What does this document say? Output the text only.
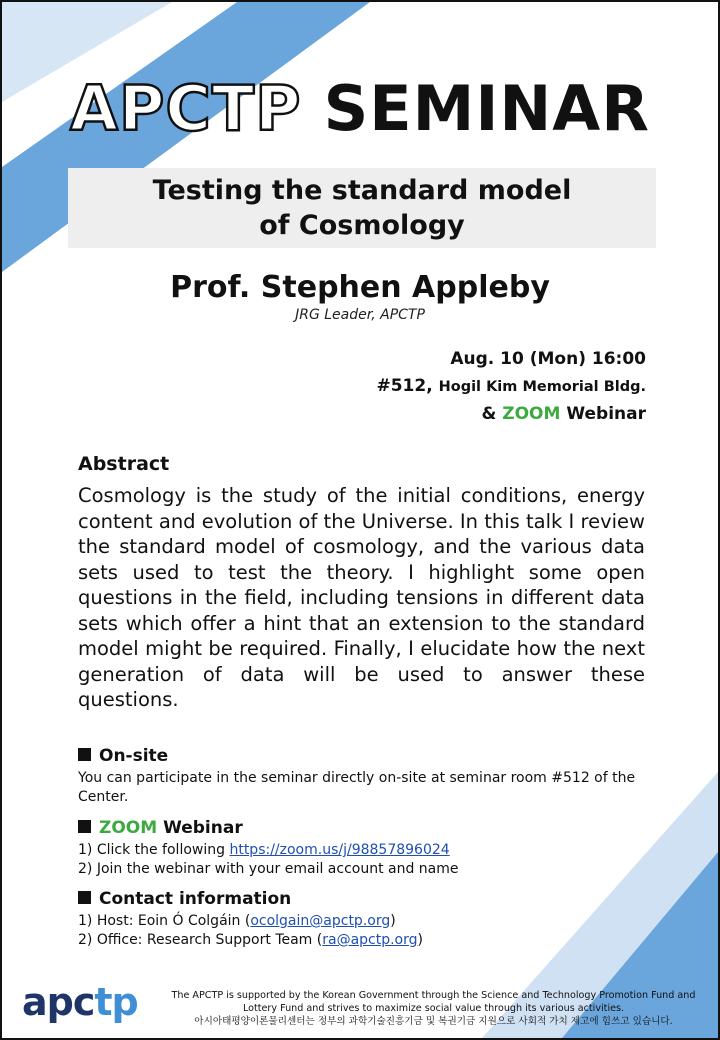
APCTP SEMINAR
Testing the standard model
of Cosmology
Prof. Stephen Appleby
JRG Leader, APCTP
Aug. 10 (Mon) 16:00
#512, Hogil Kim Memorial Bldg.
& ZOOM Webinar
Abstract
Cosmology is the study of the initial conditions, energy content and evolution of the Universe. In this talk I review the standard model of cosmology, and the various data sets used to test the theory. I highlight some open questions in the field, including tensions in different data sets which offer a hint that an extension to the standard model might be required. Finally, I elucidate how the next generation of data will be used to answer these questions.
On-site
You can participate in the seminar directly on-site at seminar room #512 of the Center.
ZOOM Webinar
1) Click the following https://zoom.us/j/98857896024
2) Join the webinar with your email account and name
Contact information
1) Host: Eoin Ó Colgáin (ocolgain@apctp.org)
2) Office: Research Support Team (ra@apctp.org)
apctp	The APCTP is supported by the Korean Government through the Science and Technology Promotion Fund and Lottery Fund and strives to maximize social value through its various activities.
아시아태평양이론물리센터는 정부의 과학기술진흥기금 및 복권기금 지원으로 사회적 가치 제고에 힘쓰고 있습니다.
